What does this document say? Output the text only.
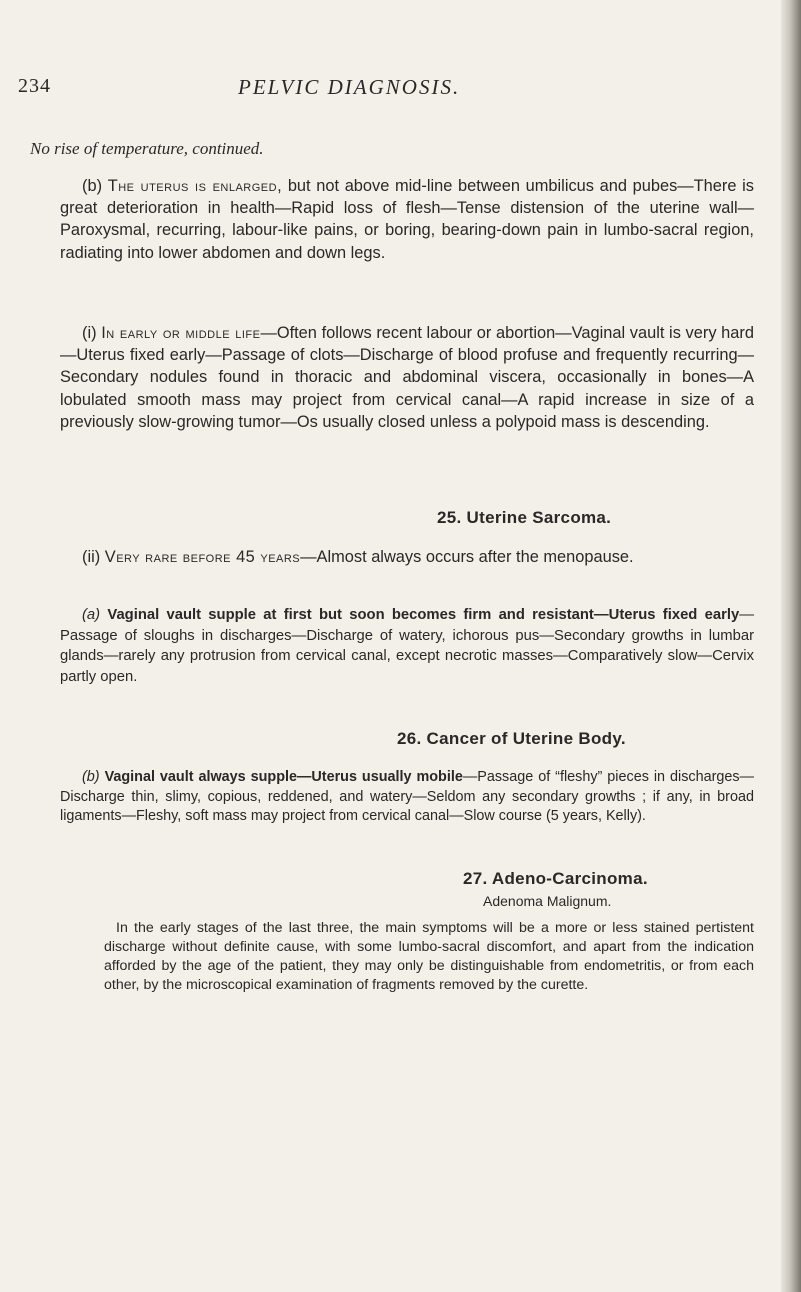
234	PELVIC DIAGNOSIS.
No rise of temperature, continued.
(b) The uterus is enlarged, but not above mid-line between umbilicus and pubes—There is great deterioration in health—Rapid loss of flesh—Tense distension of the uterine wall—Paroxysmal, recurring, labour-like pains, or boring, bearing-down pain in lumbo-sacral region, radiating into lower abdomen and down legs.
(i) In early or middle life—Often follows recent labour or abortion—Vaginal vault is very hard—Uterus fixed early—Passage of clots—Discharge of blood profuse and frequently recurring—Secondary nodules found in thoracic and abdominal viscera, occasionally in bones—A lobulated smooth mass may project from cervical canal—A rapid increase in size of a previously slow-growing tumor—Os usually closed unless a polypoid mass is descending.
25. Uterine Sarcoma.
(ii) Very rare before 45 years—Almost always occurs after the menopause.
(a) Vaginal vault supple at first but soon becomes firm and resistant—Uterus fixed early—Passage of sloughs in discharges—Discharge of watery, ichorous pus—Secondary growths in lumbar glands—rarely any protrusion from cervical canal, except necrotic masses—Comparatively slow—Cervix partly open.
26. Cancer of Uterine Body.
(b) Vaginal vault always supple—Uterus usually mobile—Passage of “fleshy” pieces in discharges—Discharge thin, slimy, copious, reddened, and watery—Seldom any secondary growths ; if any, in broad ligaments—Fleshy, soft mass may project from cervical canal—Slow course (5 years, Kelly).
27. Adeno-Carcinoma.
Adenoma Malignum.
In the early stages of the last three, the main symptoms will be a more or less stained pertistent discharge without definite cause, with some lumbo-sacral discomfort, and apart from the indication afforded by the age of the patient, they may only be distinguishable from endometritis, or from each other, by the microscopical examination of fragments removed by the curette.
